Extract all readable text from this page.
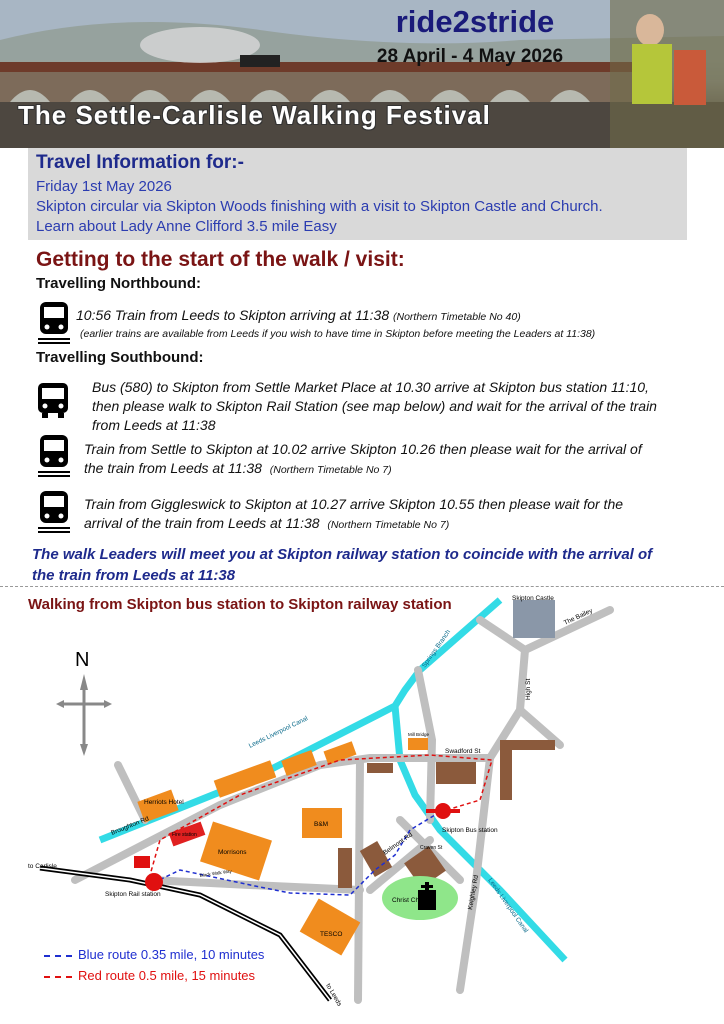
ride2stride
28 April - 4 May 2026
The Settle-Carlisle Walking Festival
Travel Information for:-
Friday 1st May 2026
Skipton circular via Skipton Woods finishing with a visit to Skipton Castle and Church.
Learn about Lady Anne Clifford 3.5 mile Easy
Getting to the start of the walk / visit:
Travelling Northbound:
10:56 Train from Leeds to Skipton arriving at 11:38 (Northern Timetable No 40)
(earlier trains are available from Leeds if you wish to have time in Skipton before meeting the Leaders at 11:38)
Travelling Southbound:
Bus (580) to Skipton from Settle Market Place at 10.30 arrive at Skipton bus station 11:10,
then please walk to Skipton Rail Station (see map below) and wait for the arrival of the train
from Leeds at 11:38
Train from Settle to Skipton at 10.02 arrive Skipton 10.26 then please wait for the arrival of
the train from Leeds at 11:38 (Northern Timetable No 7)
Train from Giggleswick to Skipton at 10.27 arrive Skipton 10.55 then please wait for the
arrival of the train from Leeds at 11:38 (Northern Timetable No 7)
The walk Leaders will meet you at Skipton railway station to coincide with the arrival of
the train from Leeds at 11:38
N
Skipton Castle
Springs Branch
Leeds Liverpool Canal
Leeds Liverpool Canal
Mill Bridge
Swadford St
High St
The Bailey
Herriots Hotel
Broughton Rd	Fire station
B&M
Morrisons
Skipton Bus station
Belmont Rd Craven St
Keighley Rd
Christ Church
TESCO
to Carlisle
to Leeds
Skipton Rail station
Black Walk Way
Walking from Skipton bus station to Skipton railway station
Blue route 0.35 mile, 10 minutes
Red route 0.5 mile, 15 minutes
